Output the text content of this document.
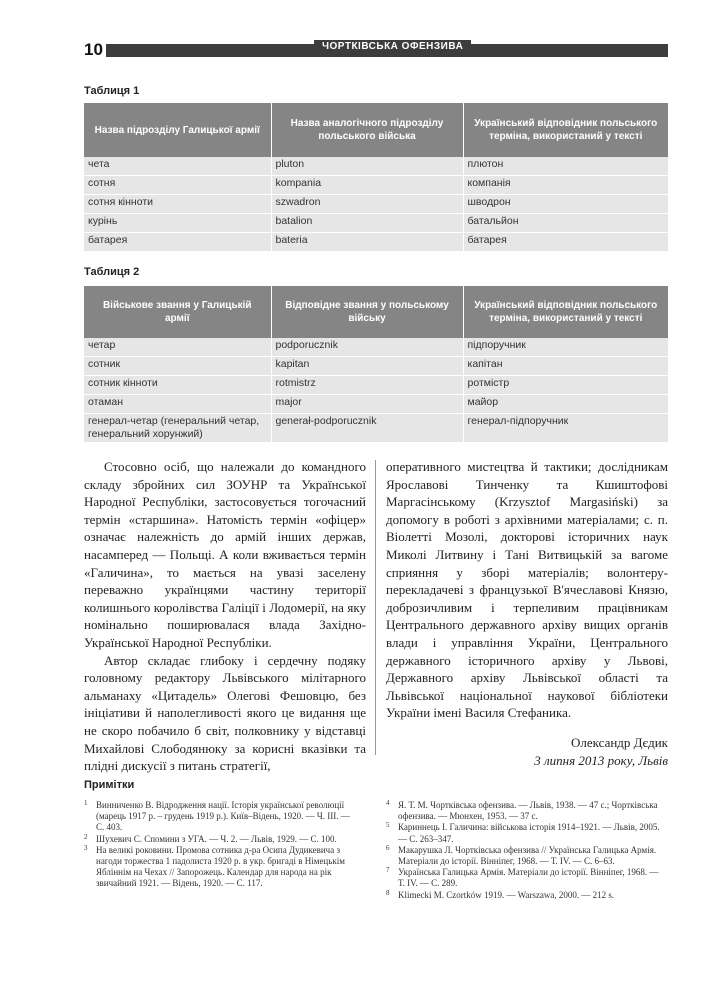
10	ЧОРТКІВСЬКА ОФЕНЗИВА
Таблиця 1
Назва підрозділу Галицької армії	Назва аналогічного підрозділу польського війська	Український відповідник польського терміна, використаний у тексті
чета	pluton	плютон
сотня	kompania	компанія
сотня кінноти	szwadron	шводрон
курінь	batalion	батальйон
батарея	bateria	батарея
Таблиця 2
Військове звання у Галицькій армії	Відповідне звання у польському війську	Український відповідник польського терміна, використаний у тексті
четар	podporucznik	підпоручник
сотник	kapitan	капітан
сотник кінноти	rotmistrz	ротмістр
отаман	major	майор
генерал-четар (генеральний четар, генеральний хорунжий)	generał-podporucznik	генерал-підпоручник

Стосовно осіб, що належали до командного складу збройних сил ЗОУНР та Української Народної Республіки, застосовується тогочасний термін «старшина». Натомість термін «офіцер» означає належність до армій інших держав, насамперед — Польщі. А коли вживається термін «Галичина», то мається на увазі заселену переважно українцями частину території колишнього королівства Галіції і Лодомерії, на яку номінально поширювалася влада Західно-Української Народної Республіки.

Автор складає глибоку і сердечну подяку головному редактору Львівського мілітарного альманаху «Цитадель» Олегові Фешовцю, без ініціативи й наполегливості якого це видання ще не скоро побачило б світ, полковнику у відставці Михайлові Слободянюку за корисні вказівки та плідні дискусії з питань стратегії,

оперативного мистецтва й тактики; дослідникам Ярославові Тинченку та Кшиштофові Маргасінському (Krzysztof Margasiński) за допомогу в роботі з архівними матеріалами; с. п. Віолетті Мозолі, докторові історичних наук Миколі Литвину і Тані Витвицькій за вагоме сприяння у зборі матеріалів; волонтеру-перекладачеві з французької В'ячеславові Князю, доброзичливим і терпеливим працівникам Центрального державного архіву вищих органів влади і управління України, Центрального державного історичного архіву у Львові, Державного архіву Львівської області та Львівської національної наукової бібліотеки України імені Василя Стефаника.

Олександр Дєдик

3 липня 2013 року, Львів

Примітки
1 Винниченко В. Відродження нації. Історія української революції (марець 1917 р. – грудень 1919 р.). Київ–Відень, 1920. — Ч. III. — С. 403.
2 Шухевич С. Спомини з УГА. — Ч. 2. — Львів, 1929. — С. 100.
3 На великі роковини. Промова сотника д-ра Осипа Дудикевича з нагоди торжества 1 падолиста 1920 р. в укр. бригаді в Німецькім Ябліннім на Чехах // Запорожець. Календар для народа на рік звичайний 1921. — Відень, 1920. — С. 117.
4 Я. Т. М. Чортківська офензива. — Львів, 1938. — 47 с.; Чортківська офензива. — Мюнхен, 1953. — 37 с.
5 Кариннець І. Галичина: військова історія 1914–1921. — Львів, 2005. — С. 263–347.
6 Макарушка Л. Чортківська офензива // Українська Галицька Армія. Матеріали до історії. Вінніпег, 1968. — Т. IV. — С. 6–63.
7 Українська Галицька Армія. Матеріали до історії. Вінніпег, 1968. — Т. IV. — С. 289.
8 Klimecki M. Czortków 1919. — Warszawa, 2000. — 212 s.
